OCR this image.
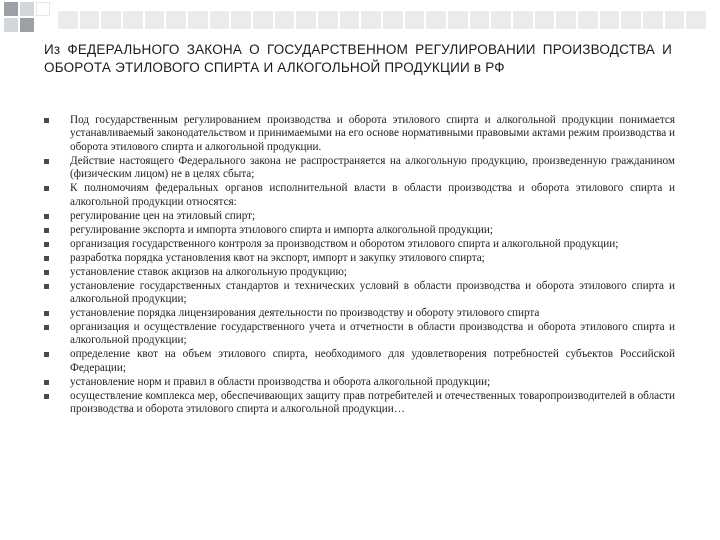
Из ФЕДЕРАЛЬНОГО ЗАКОНА О ГОСУДАРСТВЕННОМ РЕГУЛИРОВАНИИ ПРОИЗВОДСТВА И ОБОРОТА ЭТИЛОВОГО СПИРТА И АЛКОГОЛЬНОЙ ПРОДУКЦИИ в РФ
Под государственным регулированием производства и оборота этилового спирта и алкогольной продукции понимается устанавливаемый законодательством и принимаемыми на его основе нормативными правовыми актами режим производства и оборота этилового спирта и алкогольной продукции.
Действие настоящего Федерального закона не распространяется на алкогольную продукцию, произведенную гражданином (физическим лицом) не в целях сбыта;
К полномочиям федеральных органов исполнительной власти в области производства и оборота этилового спирта и алкогольной продукции относятся:
регулирование цен на этиловый спирт;
регулирование экспорта и импорта этилового спирта и импорта алкогольной продукции;
организация государственного контроля за производством и оборотом этилового спирта и алкогольной продукции;
разработка порядка установления квот на экспорт, импорт и закупку этилового спирта;
установление ставок акцизов на алкогольную продукцию;
установление государственных стандартов и технических условий в области производства и оборота этилового спирта и алкогольной продукции;
установление порядка лицензирования деятельности по производству и обороту этилового спирта
организация и осуществление государственного учета и отчетности в области производства и оборота этилового спирта и алкогольной продукции;
определение квот на объем этилового спирта, необходимого для удовлетворения потребностей субъектов Российской Федерации;
установление норм и правил в области производства и оборота алкогольной продукции;
осуществление комплекса мер, обеспечивающих защиту прав потребителей и отечественных товаропроизводителей в области производства и оборота этилового спирта и алкогольной продукции…
